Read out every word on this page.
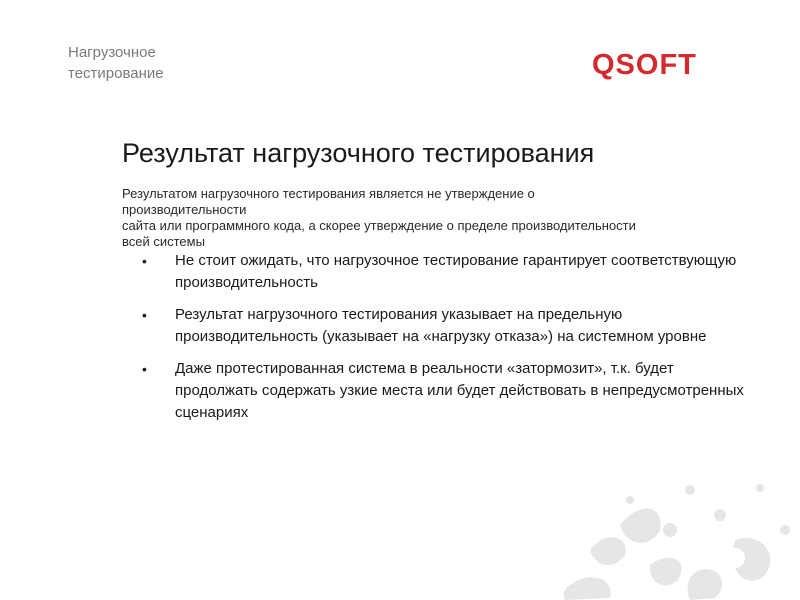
Нагрузочное
тестирование	QSOFT
Результат нагрузочного тестирования
Результатом нагрузочного тестирования является не утверждение о
производительности
сайта или программного кода, а скорее утверждение о пределе производительности
всей системы
• Не стоит ожидать, что нагрузочное тестирование гарантирует соответствующую производительность
• Результат нагрузочного тестирования указывает на предельную производительность (указывает на «нагрузку отказа») на системном уровне
• Даже протестированная система в реальности «затормозит», т.к. будет продолжать содержать узкие места или будет действовать в непредусмотренных сценариях
